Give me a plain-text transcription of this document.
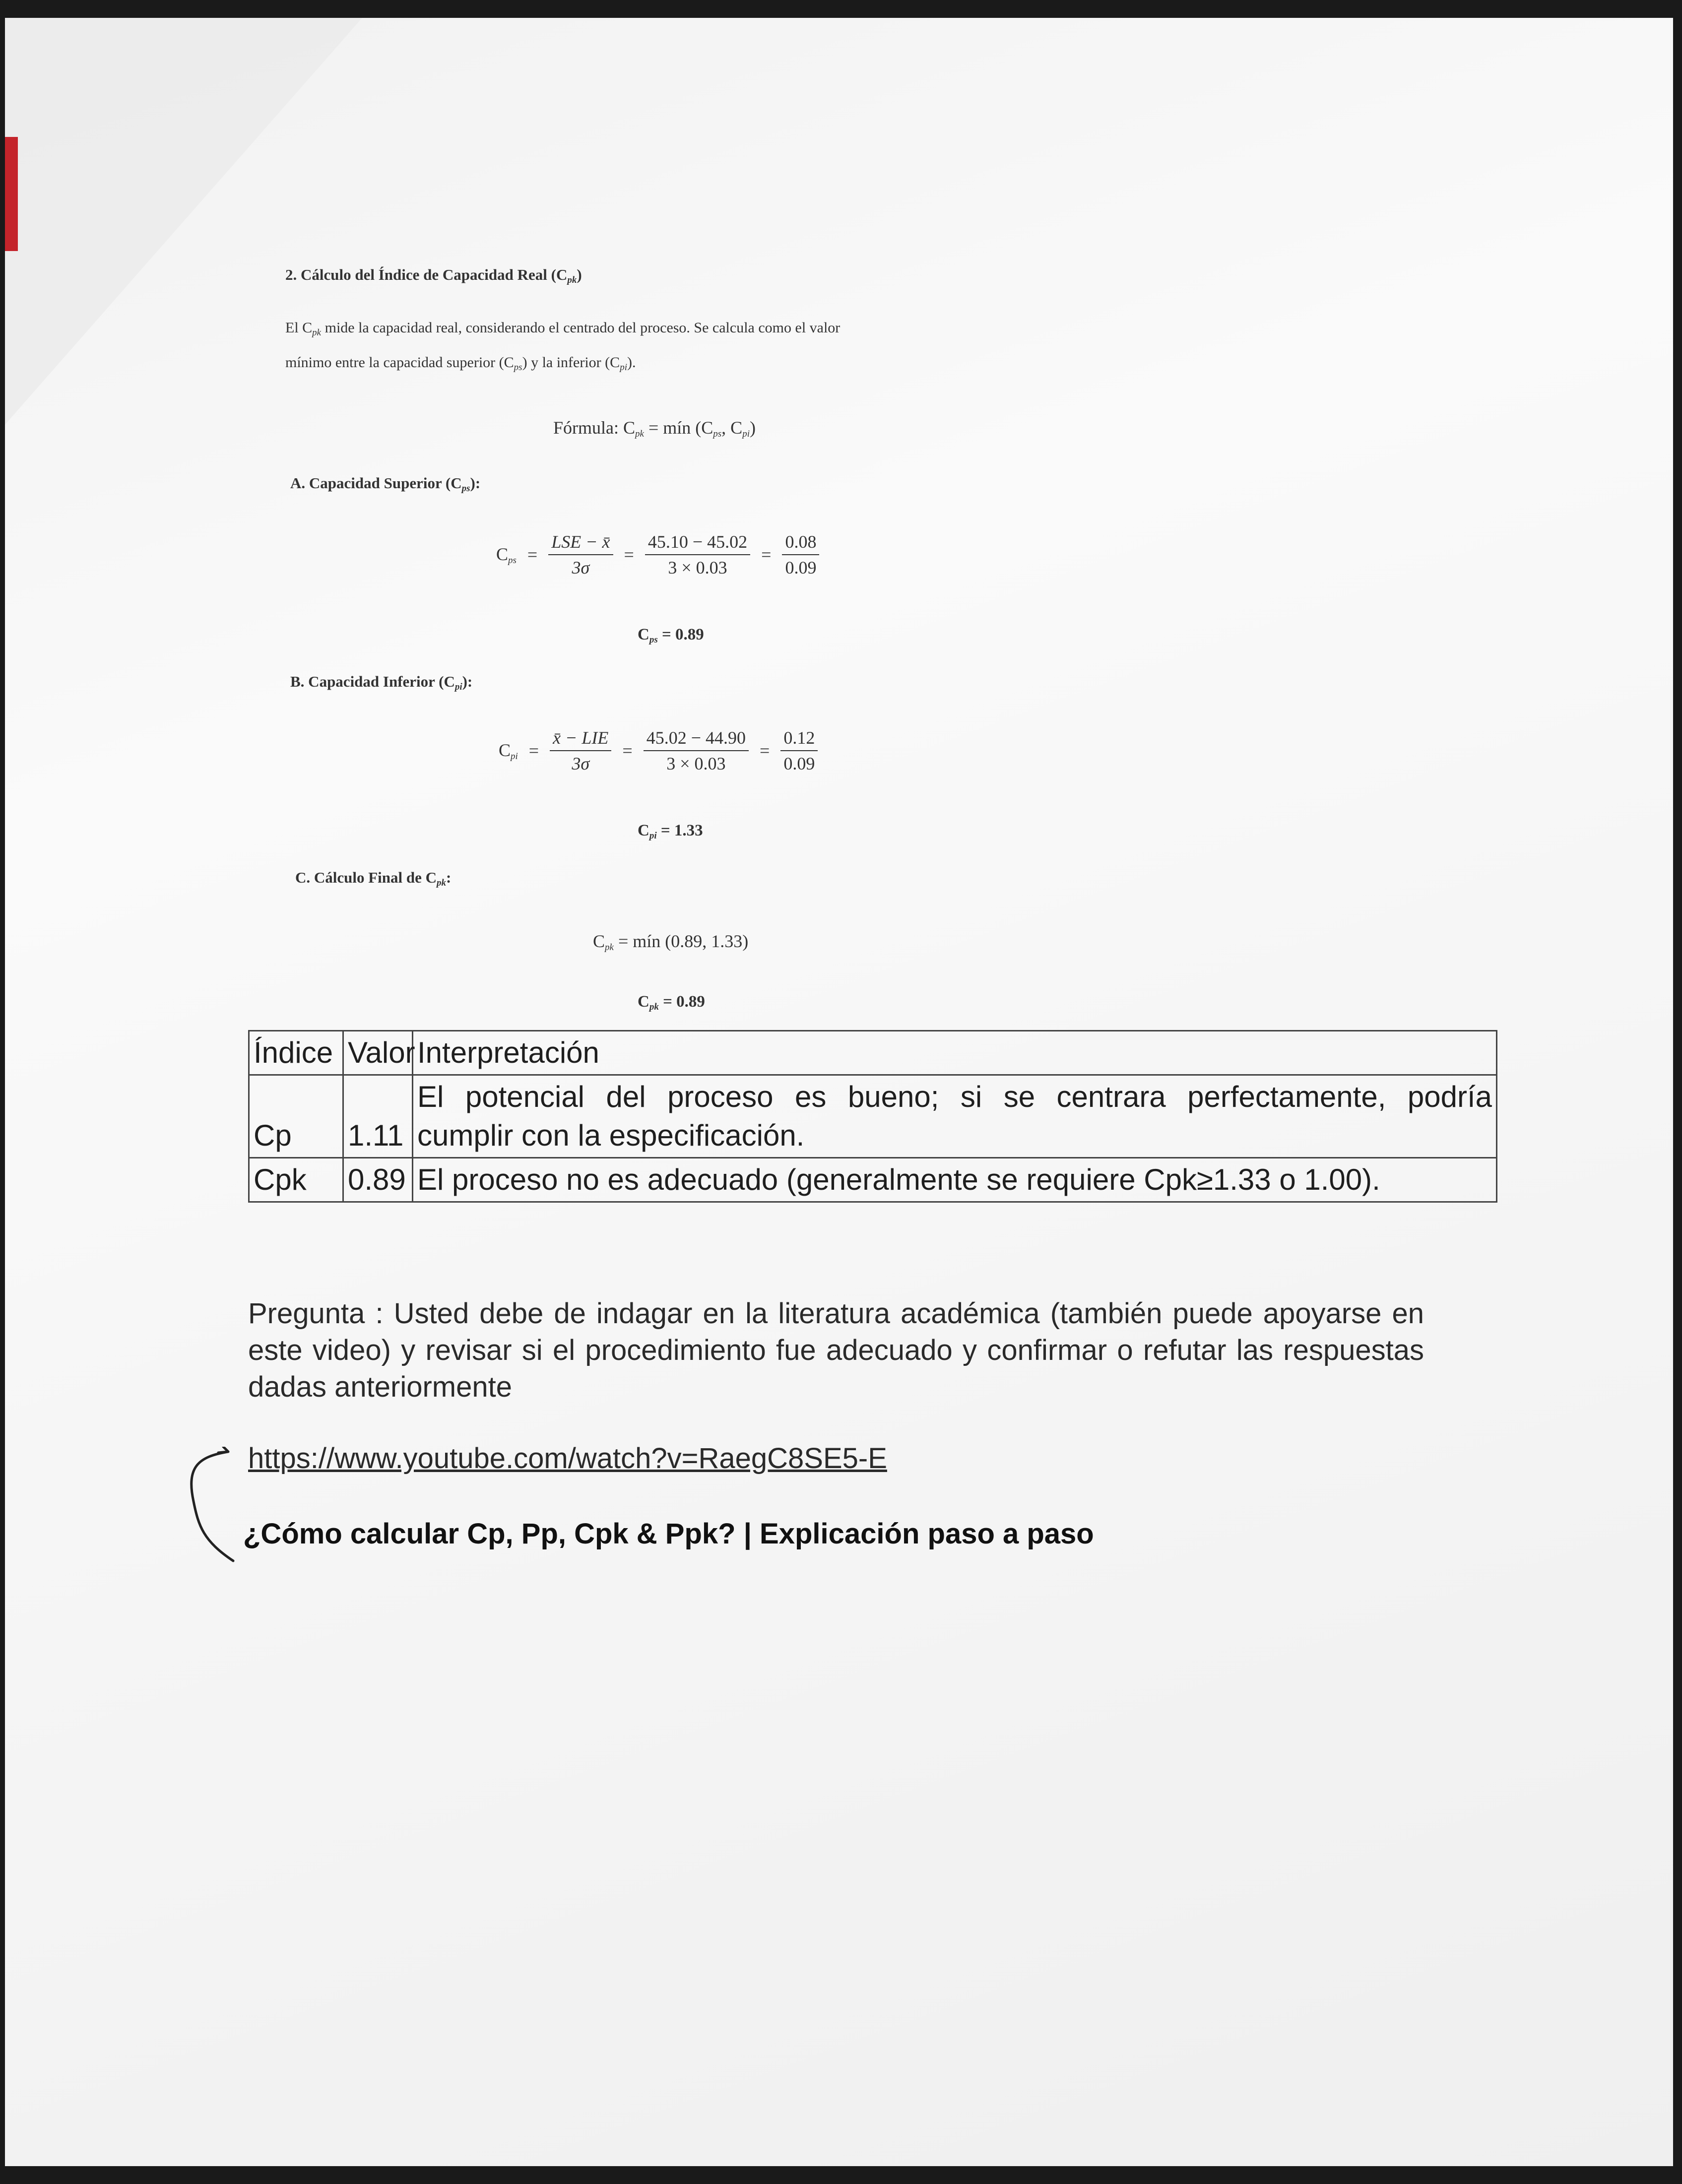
2. Cálculo del Índice de Capacidad Real $(C_{pk})$
El $C_{pk}$ mide la capacidad real, considerando el centrado del proceso. Se calcula como el valor
mínimo entre la capacidad superior $(C_{ps})$ y la inferior $(C_{pi})$.
Fórmula: $C_{pk}$ = mín ($C_{ps}$, $C_{pi}$)
A. Capacidad Superior $(C_{ps})$:
$C_{ps} = \frac{\text{LSE − x̄}}{3\sigma} = \frac{45.10 - 45.02}{3 \times 0.03} = \frac{0.08}{0.09}$
$C_{ps} = 0.89$
B. Capacidad Inferior $(C_{pi})$:
$C_{pi} = \frac{\text{x̄ − LIE}}{3\sigma} = \frac{45.02 - 44.90}{3 \times 0.03} = \frac{0.12}{0.09}$
$C_{pi} = 1.33$
C. Cálculo Final de $C_{pk}$:
$C_{pk}$ = mín (0.89, 1.33)
$C_{pk} = 0.89$
Índice	Valor	Interpretación
Cp	1.11	El potencial del proceso es bueno; si se centrara perfectamente, podría
cumplir con la especificación.

Cpk	0.89	El proceso no es adecuado (generalmente se requiere Cpk≥1.33 o 1.00).
Pregunta : Usted debe de indagar en la literatura académica (también puede apoyarse en este video) y revisar si el procedimiento fue adecuado y confirmar o refutar las respuestas dadas anteriormente
https://www.youtube.com/watch?v=RaegC8SE5-E
¿Cómo calcular Cp, Pp, Cpk & Ppk? | Explicación paso a paso
